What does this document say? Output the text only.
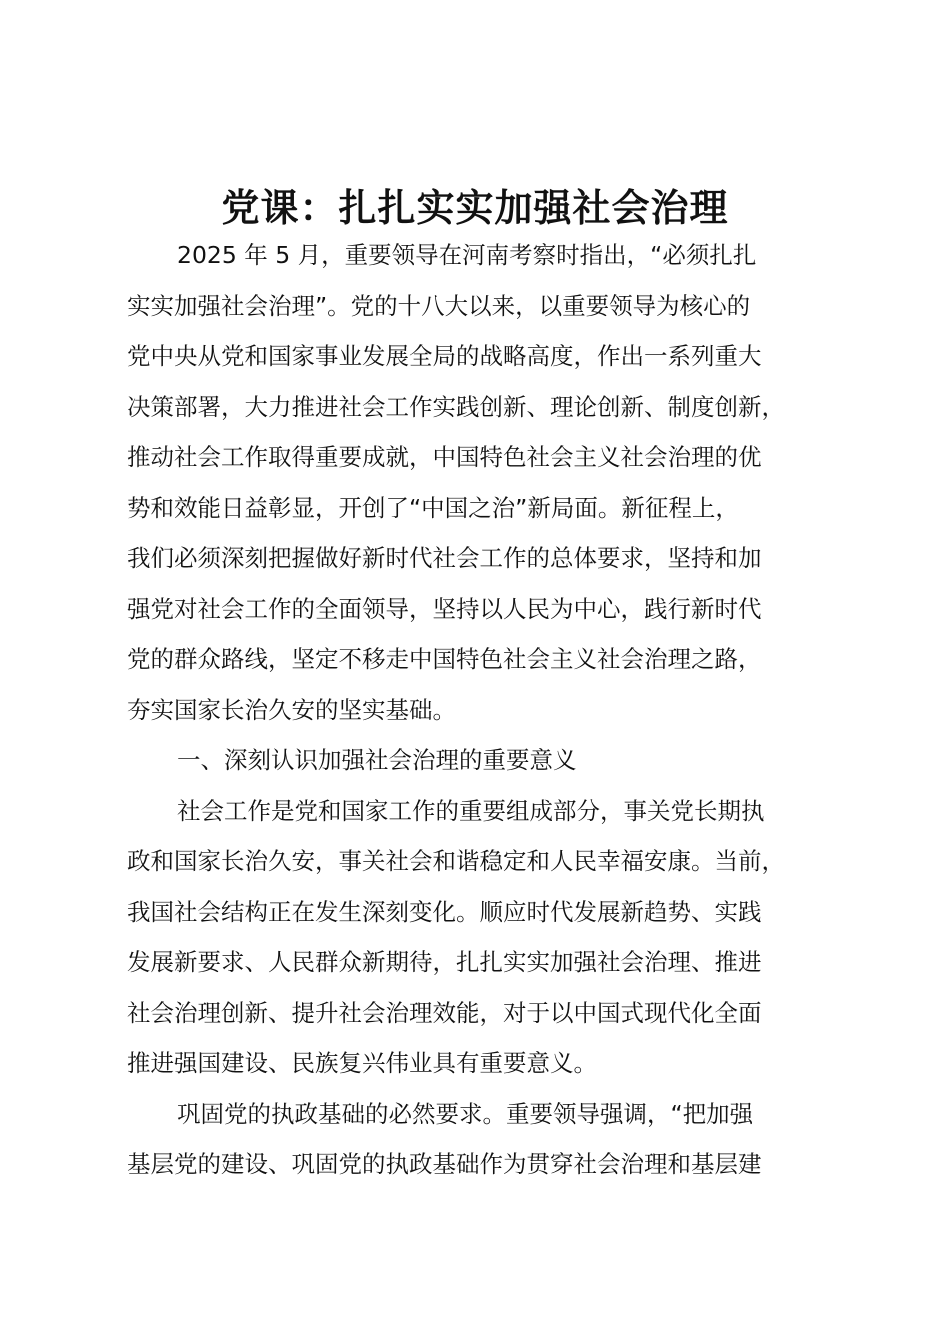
党课：扎扎实实加强社会治理
2025 年 5 月，重要领导在河南考察时指出，“必须扎扎
实实加强社会治理”。党的十八大以来，以重要领导为核心的
党中央从党和国家事业发展全局的战略高度，作出一系列重大
决策部署，大力推进社会工作实践创新、理论创新、制度创新，
推动社会工作取得重要成就，中国特色社会主义社会治理的优
势和效能日益彰显，开创了“中国之治”新局面。新征程上，
我们必须深刻把握做好新时代社会工作的总体要求，坚持和加
强党对社会工作的全面领导，坚持以人民为中心，践行新时代
党的群众路线，坚定不移走中国特色社会主义社会治理之路，
夯实国家长治久安的坚实基础。
一、深刻认识加强社会治理的重要意义
社会工作是党和国家工作的重要组成部分，事关党长期执
政和国家长治久安，事关社会和谐稳定和人民幸福安康。当前，
我国社会结构正在发生深刻变化。顺应时代发展新趋势、实践
发展新要求、人民群众新期待，扎扎实实加强社会治理、推进
社会治理创新、提升社会治理效能，对于以中国式现代化全面
推进强国建设、民族复兴伟业具有重要意义。
巩固党的执政基础的必然要求。重要领导强调，“把加强
基层党的建设、巩固党的执政基础作为贯穿社会治理和基层建
